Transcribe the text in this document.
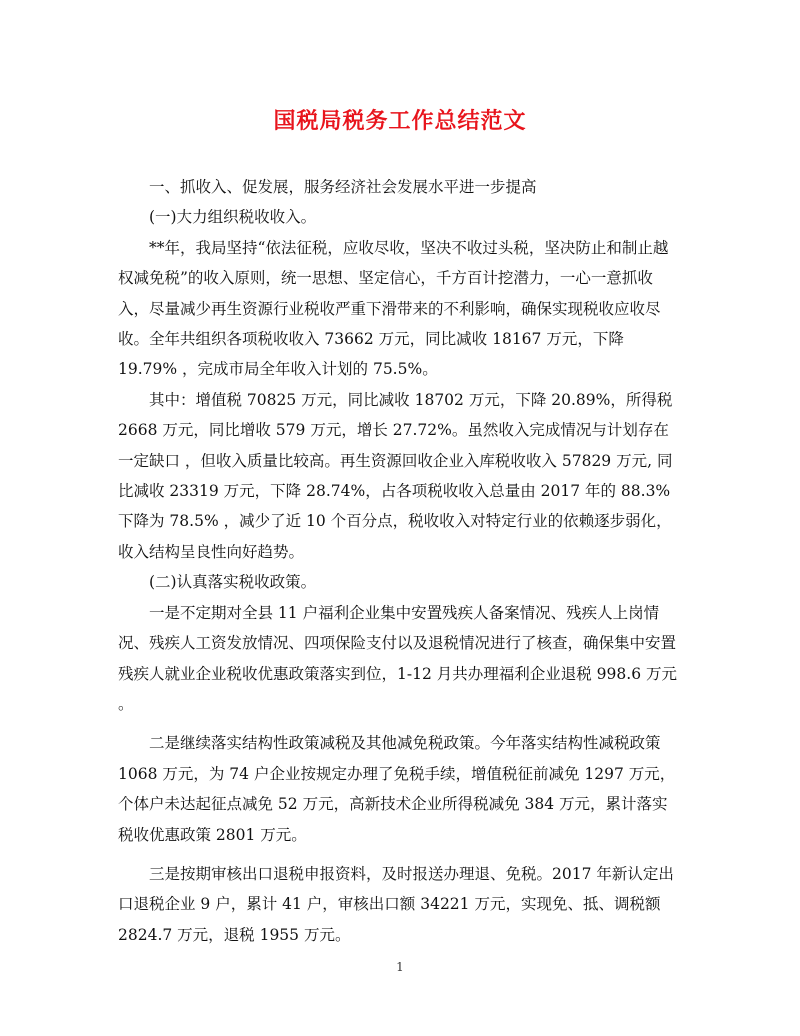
国税局税务工作总结范文

一、抓收入、促发展，服务经济社会发展水平进一步提高

(一)大力组织税收收入。

**年，我局坚持“依法征税，应收尽收，坚决不收过头税，坚决防止和制止越权减免税”的收入原则，统一思想、坚定信心，千方百计挖潜力，一心一意抓收入，尽量减少再生资源行业税收严重下滑带来的不利影响，确保实现税收应收尽收。全年共组织各项税收收入 73662 万元，同比减收 18167 万元，下降 19.79% ，完成市局全年收入计划的 75.5%。

其中：增值税 70825 万元，同比减收 18702 万元，下降 20.89%，所得税 2668 万元，同比增收 579 万元，增长 27.72%。虽然收入完成情况与计划存在一定缺口 ，但收入质量比较高。再生资源回收企业入库税收收入 57829 万元, 同比减收 23319 万元，下降 28.74%，占各项税收收入总量由 2017 年的 88.3%下降为 78.5% ，减少了近 10 个百分点，税收收入对特定行业的依赖逐步弱化，收入结构呈良性向好趋势。

(二)认真落实税收政策。

一是不定期对全县 11 户福利企业集中安置残疾人备案情况、残疾人上岗情况、残疾人工资发放情况、四项保险支付以及退税情况进行了核查，确保集中安置残疾人就业企业税收优惠政策落实到位，1-12 月共办理福利企业退税 998.6 万元 。

二是继续落实结构性政策减税及其他减免税政策。今年落实结构性减税政策 1068 万元，为 74 户企业按规定办理了免税手续，增值税征前减免 1297 万元，个体户未达起征点减免 52 万元，高新技术企业所得税减免 384 万元，累计落实税收优惠政策 2801 万元。

三是按期审核出口退税申报资料，及时报送办理退、免税。2017 年新认定出口退税企业 9 户，累计 41 户，审核出口额 34221 万元，实现免、抵、调税额 2824.7 万元，退税 1955 万元。

1
